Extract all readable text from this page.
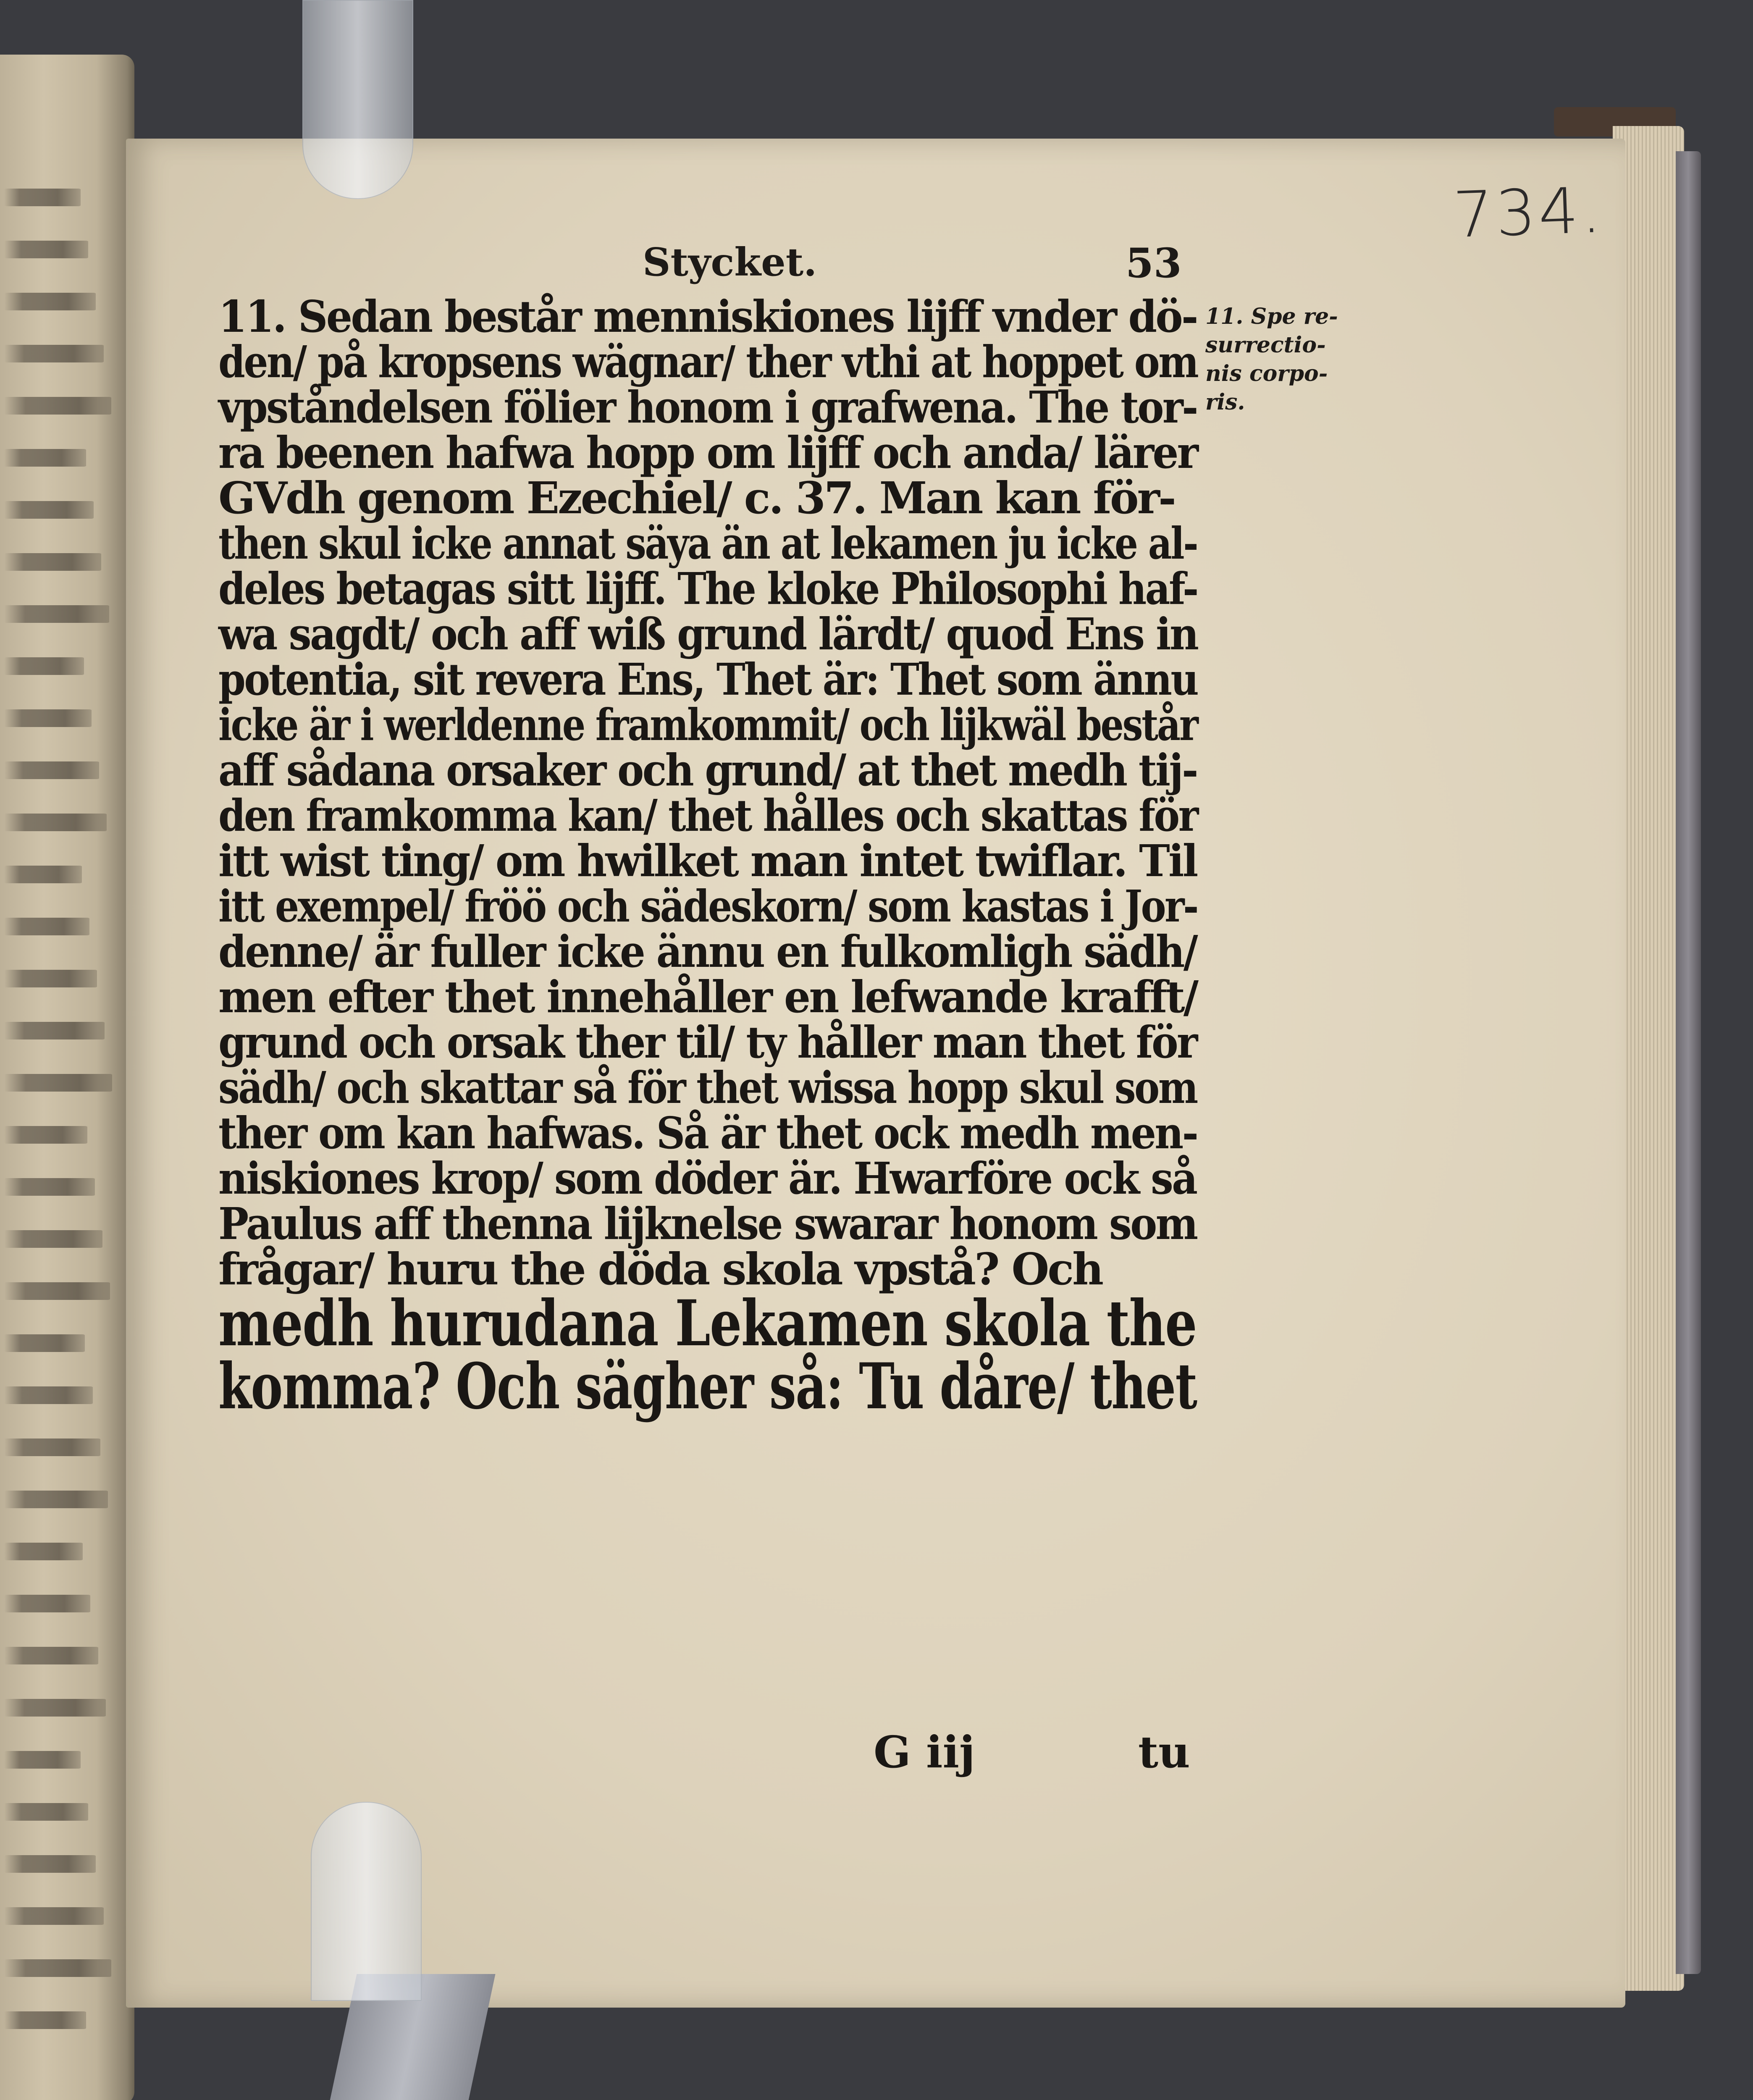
734.
Stycket.	53
11. Spe re-
surrectio-
nis corpo-
ris.
11. Sedan består menniskiones lijff vnder dö-
den/ på kropsens wägnar/ ther vthi at hoppet om
vpståndelsen fölier honom i grafwena. The tor-
ra beenen hafwa hopp om lijff och anda/ lärer
GVdh genom Ezechiel/ c. 37. Man kan för-
then skul icke annat säya än at lekamen ju icke al-
deles betagas sitt lijff. The kloke Philosophi haf-
wa sagdt/ och aff wiß grund lärdt/ quod Ens in
potentia, sit revera Ens, Thet är: Thet som ännu
icke är i werldenne framkommit/ och lijkwäl består
aff sådana orsaker och grund/ at thet medh tij-
den framkomma kan/ thet hålles och skattas för
itt wist ting/ om hwilket man intet twiflar. Til
itt exempel/ fröö och sädeskorn/ som kastas i Jor-
denne/ är fuller icke ännu en fulkomligh sädh/
men efter thet innehåller en lefwande krafft/
grund och orsak ther til/ ty håller man thet för
sädh/ och skattar så för thet wissa hopp skul som
ther om kan hafwas. Så är thet ock medh men-
niskiones krop/ som döder är. Hwarföre ock så
Paulus aff thenna lijknelse swarar honom som
frågar/ huru the döda skola vpstå? Och
medh hurudana Lekamen skola the
komma? Och sägher så: Tu dåre/ thet
G iij	tu
